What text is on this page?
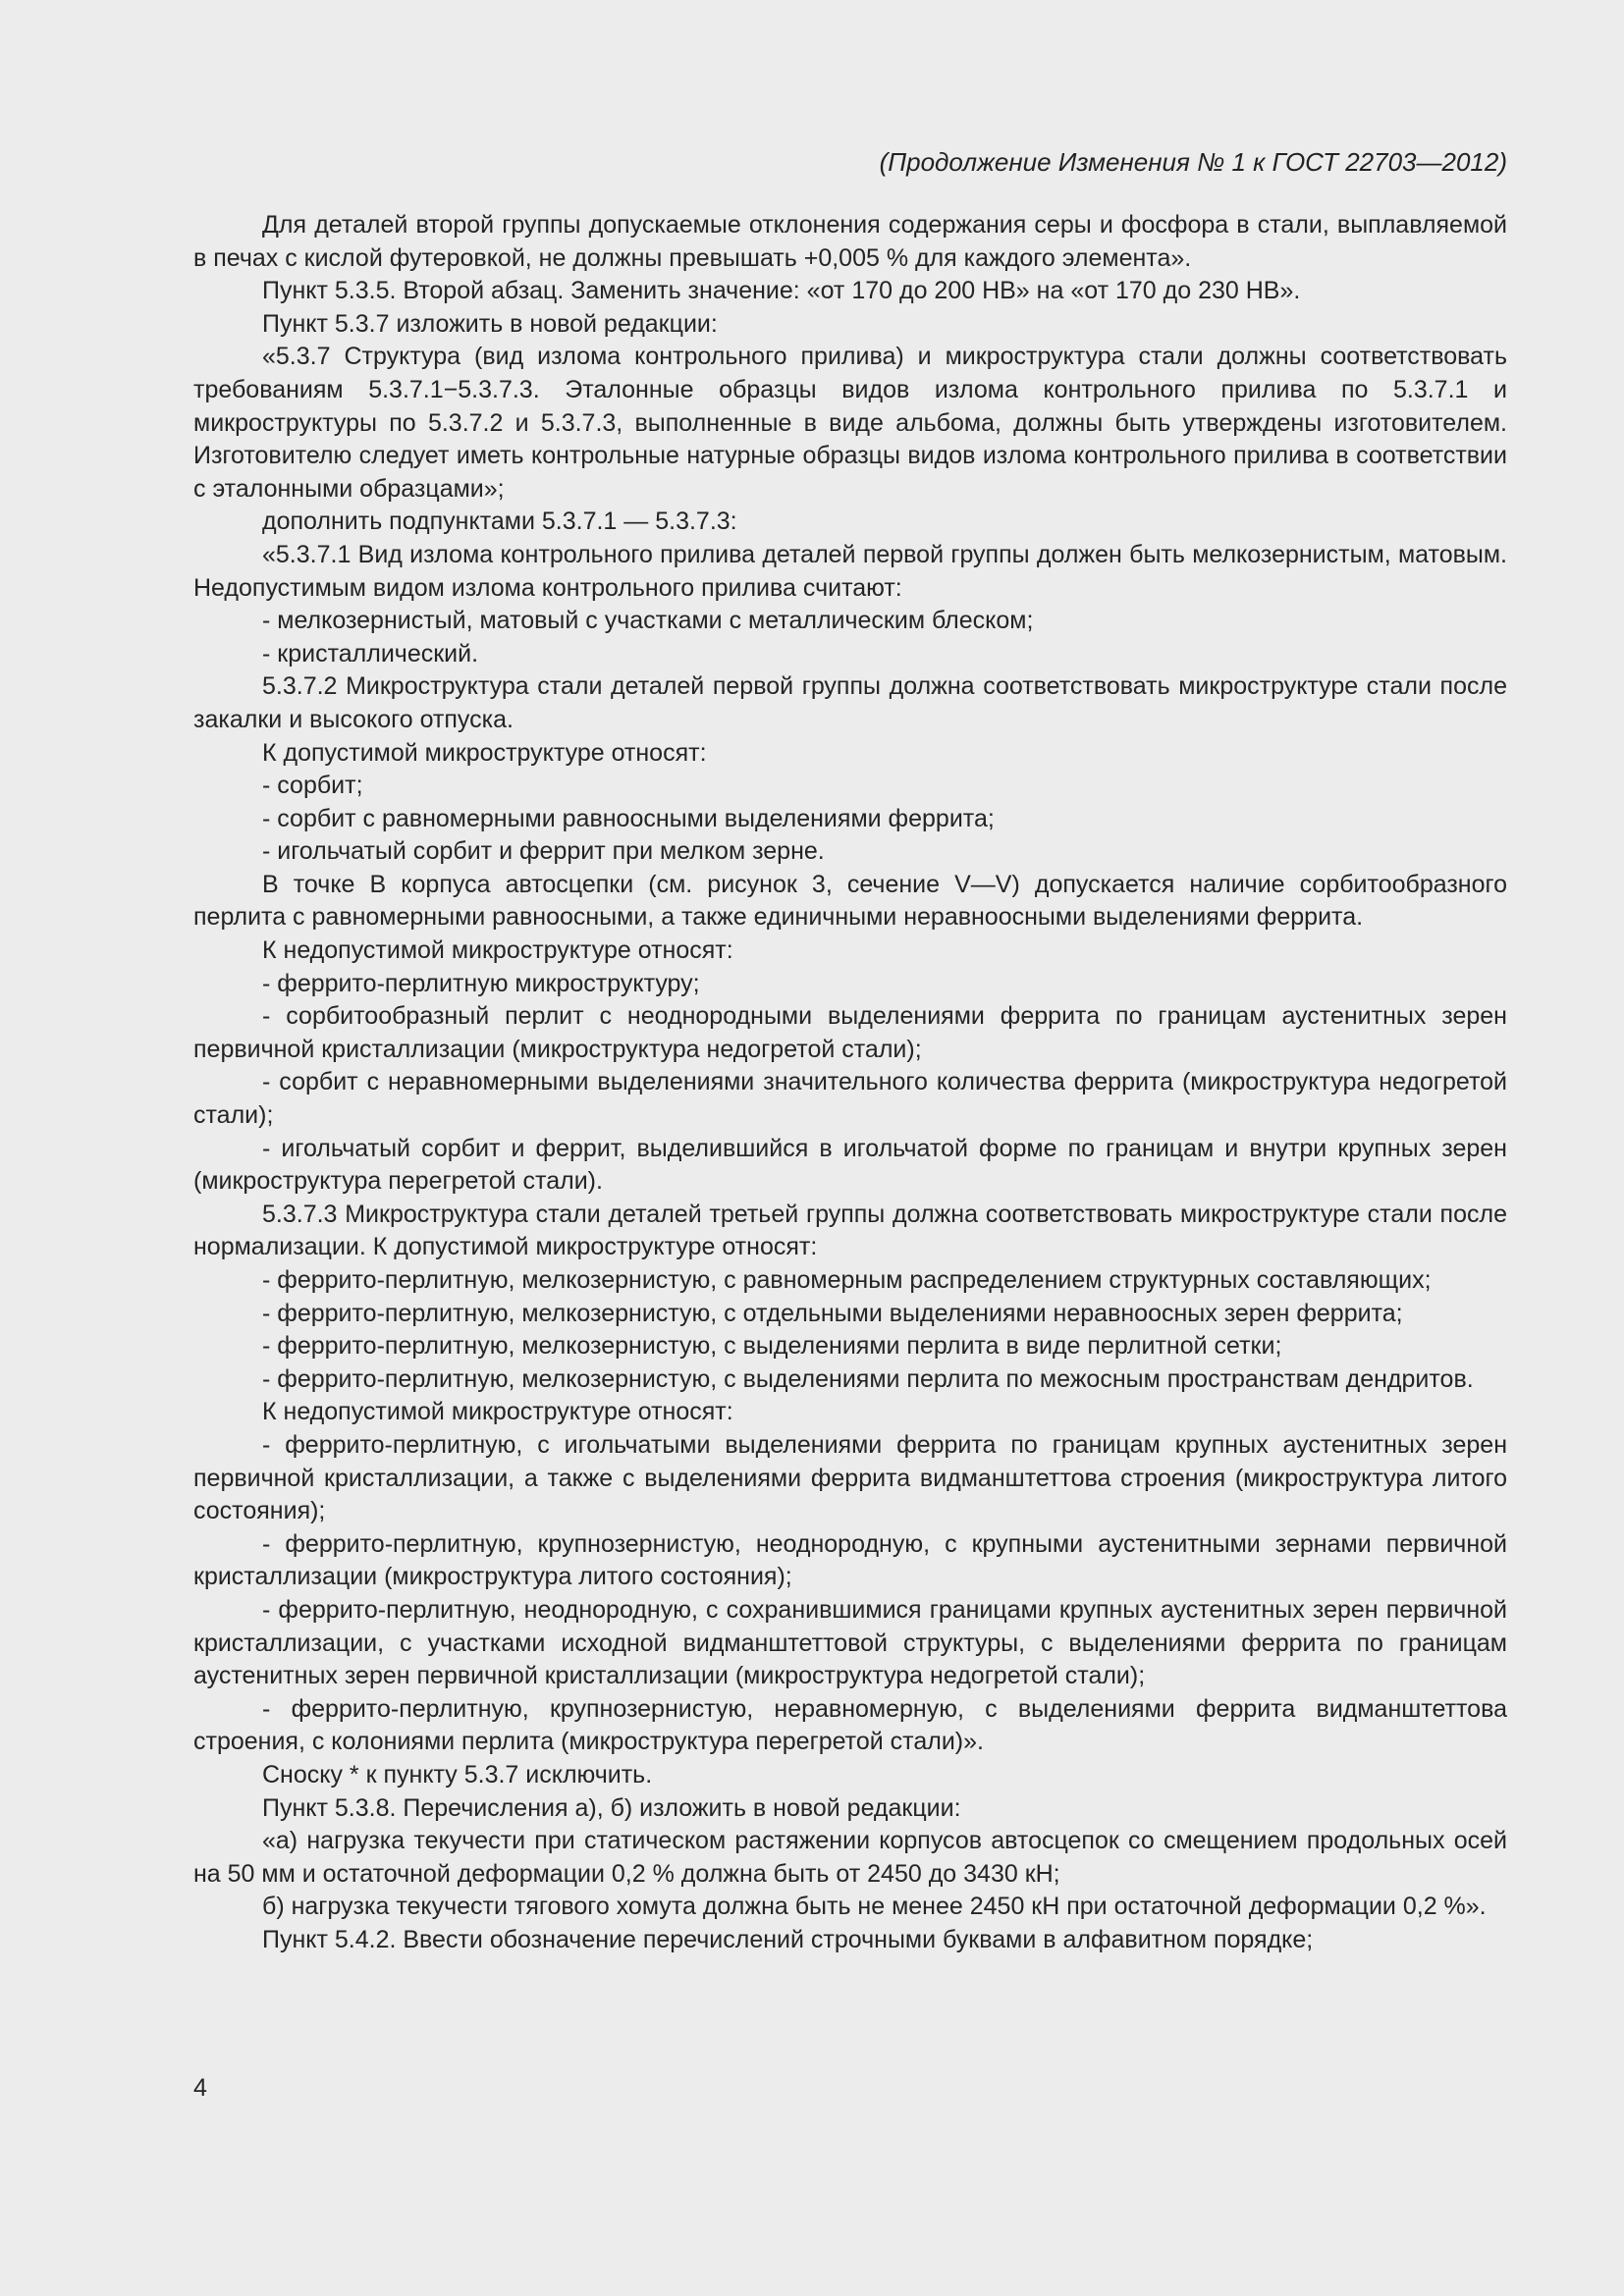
(Продолжение Изменения № 1 к ГОСТ 22703—2012)

Для деталей второй группы допускаемые отклонения содержания серы и фосфора в стали, выплавляемой в печах с кислой футеровкой, не должны превышать +0,005 % для каждого элемента».

Пункт 5.3.5. Второй абзац. Заменить значение: «от 170 до 200 НВ» на «от 170 до 230 НВ».

Пункт 5.3.7 изложить в новой редакции:

«5.3.7 Структура (вид излома контрольного прилива) и микроструктура стали должны соответствовать требованиям 5.3.7.1−5.3.7.3. Эталонные образцы видов излома контрольного прилива по 5.3.7.1 и микроструктуры по 5.3.7.2 и 5.3.7.3, выполненные в виде альбома, должны быть утверждены изготовителем. Изготовителю следует иметь контрольные натурные образцы видов излома контрольного прилива в соответствии с эталонными образцами»;

дополнить подпунктами 5.3.7.1 — 5.3.7.3:

«5.3.7.1 Вид излома контрольного прилива деталей первой группы должен быть мелкозернистым, матовым. Недопустимым видом излома контрольного прилива считают:

- мелкозернистый, матовый с участками с металлическим блеском;

- кристаллический.

5.3.7.2 Микроструктура стали деталей первой группы должна соответствовать микроструктуре стали после закалки и высокого отпуска.

К допустимой микроструктуре относят:

- сорбит;

- сорбит с равномерными равноосными выделениями феррита;

- игольчатый сорбит и феррит при мелком зерне.

В точке В корпуса автосцепки (см. рисунок 3, сечение V—V) допускается наличие сорбитообразного перлита с равномерными равноосными, а также единичными неравноосными выделениями феррита.

К недопустимой микроструктуре относят:

- феррито-перлитную микроструктуру;

- сорбитообразный перлит с неоднородными выделениями феррита по границам аустенитных зерен первичной кристаллизации (микроструктура недогретой стали);

- сорбит с неравномерными выделениями значительного количества феррита (микроструктура недогретой стали);

- игольчатый сорбит и феррит, выделившийся в игольчатой форме по границам и внутри крупных зерен (микроструктура перегретой стали).

5.3.7.3 Микроструктура стали деталей третьей группы должна соответствовать микроструктуре стали после нормализации. К допустимой микроструктуре относят:

- феррито-перлитную, мелкозернистую, с равномерным распределением структурных составляющих;

- феррито-перлитную, мелкозернистую, с отдельными выделениями неравноосных зерен феррита;

- феррито-перлитную, мелкозернистую, с выделениями перлита в виде перлитной сетки;

- феррито-перлитную, мелкозернистую, с выделениями перлита по межосным пространствам дендритов.

К недопустимой микроструктуре относят:

- феррито-перлитную, с игольчатыми выделениями феррита по границам крупных аустенитных зерен первичной кристаллизации, а также с выделениями феррита видманштеттова строения (микроструктура литого состояния);

- феррито-перлитную, крупнозернистую, неоднородную, с крупными аустенитными зернами первичной кристаллизации (микроструктура литого состояния);

- феррито-перлитную, неоднородную, с сохранившимися границами крупных аустенитных зерен первичной кристаллизации, с участками исходной видманштеттовой структуры, с выделениями феррита по границам аустенитных зерен первичной кристаллизации (микроструктура недогретой стали);

- феррито-перлитную, крупнозернистую, неравномерную, с выделениями феррита видманштеттова строения, с колониями перлита (микроструктура перегретой стали)».

Сноску * к пункту 5.3.7 исключить.

Пункт 5.3.8. Перечисления а), б) изложить в новой редакции:

«а) нагрузка текучести при статическом растяжении корпусов автосцепок со смещением продольных осей на 50 мм и остаточной деформации 0,2 % должна быть от 2450 до 3430 кН;

б) нагрузка текучести тягового хомута должна быть не менее 2450 кН при остаточной деформации 0,2 %».

Пункт 5.4.2. Ввести обозначение перечислений строчными буквами в алфавитном порядке;

4
